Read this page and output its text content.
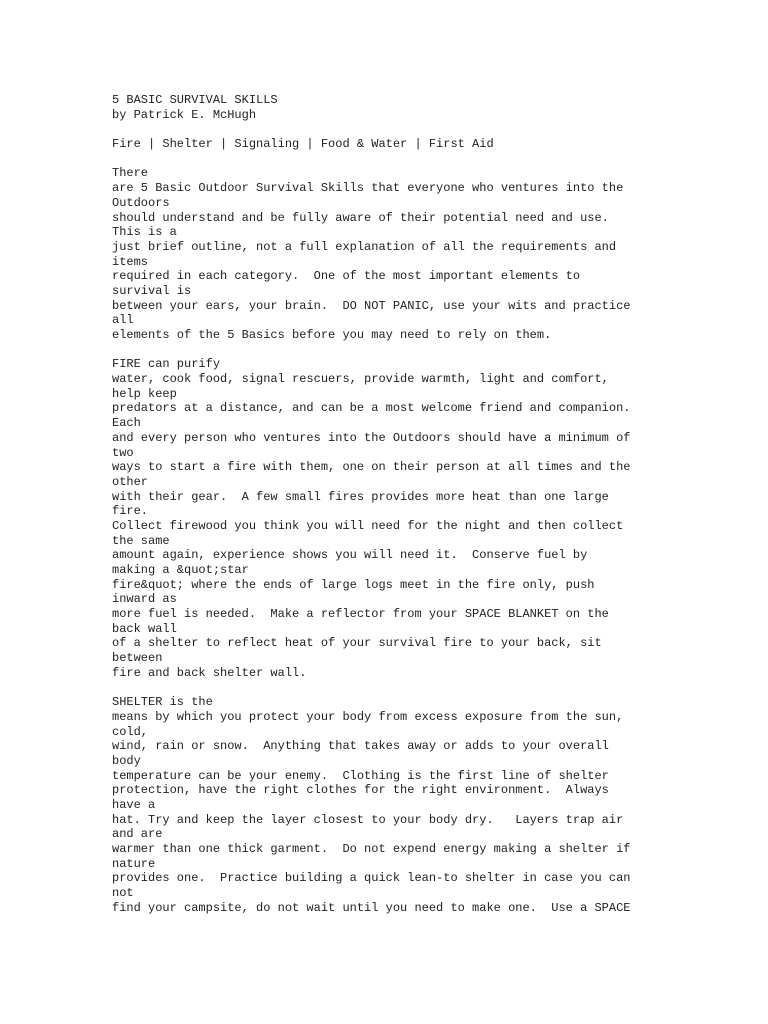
5 BASIC SURVIVAL SKILLS
by Patrick E. McHugh
Fire | Shelter | Signaling | Food & Water | First Aid
There
are 5 Basic Outdoor Survival Skills that everyone who ventures into the
Outdoors
should understand and be fully aware of their potential need and use.
This is a
just brief outline, not a full explanation of all the requirements and
items
required in each category.  One of the most important elements to
survival is
between your ears, your brain.  DO NOT PANIC, use your wits and practice
all
elements of the 5 Basics before you may need to rely on them.
FIRE can purify
water, cook food, signal rescuers, provide warmth, light and comfort,
help keep
predators at a distance, and can be a most welcome friend and companion.
Each
and every person who ventures into the Outdoors should have a minimum of
two
ways to start a fire with them, one on their person at all times and the
other
with their gear.  A few small fires provides more heat than one large
fire.
Collect firewood you think you will need for the night and then collect
the same
amount again, experience shows you will need it.  Conserve fuel by
making a &quot;star
fire&quot; where the ends of large logs meet in the fire only, push
inward as
more fuel is needed.  Make a reflector from your SPACE BLANKET on the
back wall
of a shelter to reflect heat of your survival fire to your back, sit
between
fire and back shelter wall.
SHELTER is the
means by which you protect your body from excess exposure from the sun,
cold,
wind, rain or snow.  Anything that takes away or adds to your overall
body
temperature can be your enemy.  Clothing is the first line of shelter
protection, have the right clothes for the right environment.  Always
have a
hat. Try and keep the layer closest to your body dry.   Layers trap air
and are
warmer than one thick garment.  Do not expend energy making a shelter if
nature
provides one.  Practice building a quick lean-to shelter in case you can
not
find your campsite, do not wait until you need to make one.  Use a SPACE
